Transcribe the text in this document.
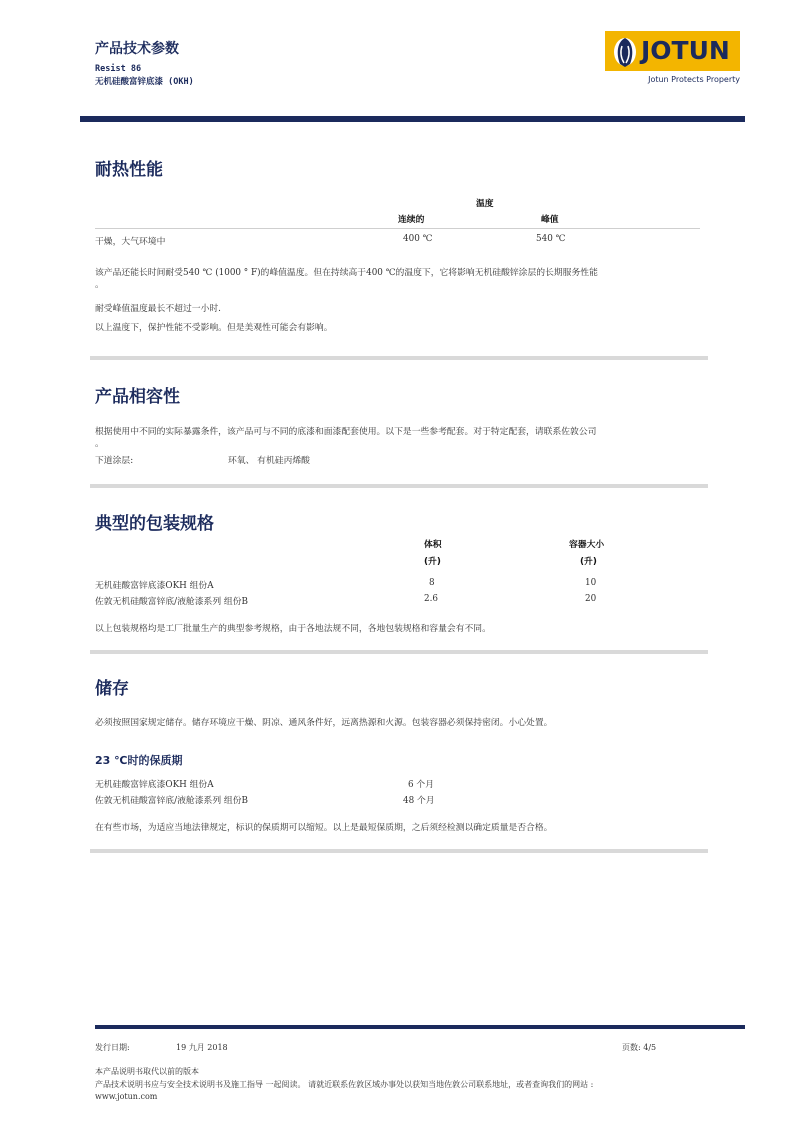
产品技术参数
Resist 86
无机硅酸富锌底漆 (OKH)
JOTUN
Jotun Protects Property
耐热性能
温度
连续的	峰值
干燥，大气环境中	400 ℃	540 ℃
该产品还能长时间耐受540 ℃ (1000 ° F)的峰值温度。但在持续高于400 ℃的温度下，它将影响无机硅酸锌涂层的长期服务性能
。
耐受峰值温度最长不超过一小时.
以上温度下，保护性能不受影响。但是美观性可能会有影响。
产品相容性
根据使用中不同的实际暴露条件，该产品可与不同的底漆和面漆配套使用。以下是一些参考配套。对于特定配套，请联系佐敦公司
。
下道涂层:	环氧、 有机硅丙烯酸
典型的包装规格
体积
(升)
容器大小
(升)
无机硅酸富锌底漆OKH 组份A	8	10
佐敦无机硅酸富锌底/液舱漆系列 组份B	2.6	20
以上包装规格均是工厂批量生产的典型参考规格，由于各地法规不同，各地包装规格和容量会有不同。
储存
必须按照国家规定储存。储存环境应干燥、阴凉、通风条件好，远离热源和火源。包装容器必须保持密闭。小心处置。
23 ℃时的保质期
无机硅酸富锌底漆OKH 组份A	6 个月
佐敦无机硅酸富锌底/液舱漆系列 组份B	48 个月
在有些市场，为适应当地法律规定，标识的保质期可以缩短。以上是最短保质期，之后须经检测以确定质量是否合格。
发行日期:	19 九月 2018	页数: 4/5
本产品说明书取代以前的版本
产品技术说明书应与安全技术说明书及施工指导 一起阅读。 请就近联系佐敦区域办事处以获知当地佐敦公司联系地址，或者查询我们的网站 :
www.jotun.com
